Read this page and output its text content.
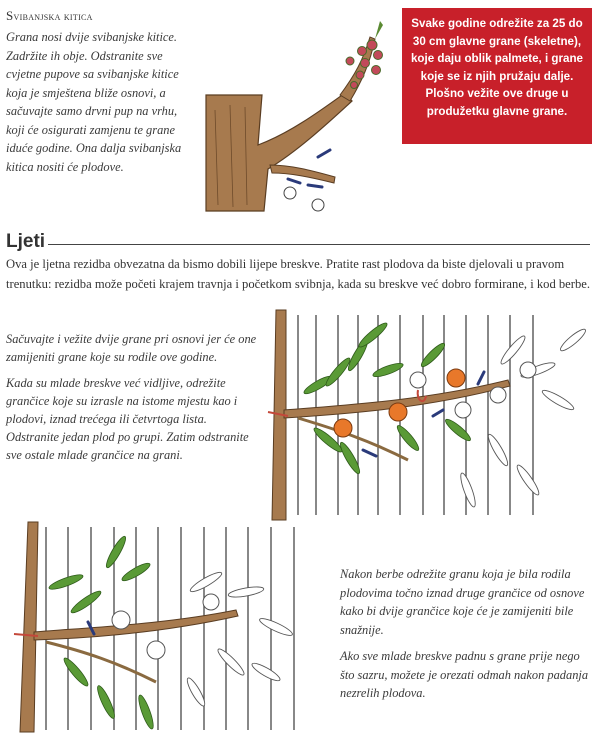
Svibanjska kitica
Grana nosi dvije svibanjske kitice. Zadržite ih obje. Odstranite sve cvjetne pupove sa svibanjske kitice koja je smještena bliže osnovi, a sačuvajte samo drvni pup na vrhu, koji će osigurati zamjenu te grane iduće godine. Ona dalja svibanjska kitica nositi će plodove.
Svake godine odrežite za 25 do 30 cm glavne grane (skeletne), koje daju oblik palmete, i grane koje se iz njih pružaju dalje. Plošno vežite ove druge u produžetku glavne grane.
Ljeti
Ova je ljetna rezidba obvezatna da bismo dobili lijepe breskve. Pratite rast plodova da biste djelovali u pravom trenutku: rezidba može početi krajem travnja i početkom svibnja, kada su breskve već dobro formirane, i kod berbe.

Sačuvajte i vežite dvije grane pri osnovi jer će one zamijeniti grane koje su rodile ove godine.

Kada su mlade breskve već vidljive, odrežite grančice koje su izrasle na istome mjestu kao i plodovi, iznad trećega ili četvrtoga lista. Odstranite jedan plod po grupi. Zatim odstranite sve ostale mlade grančice na grani.

Nakon berbe odrežite granu koja je bila rodila plodovima točno iznad druge grančice od osnove kako bi dvije grančice koje će je zamijeniti bile snažnije.

Ako sve mlade breskve padnu s grane prije nego što sazru, možete je orezati odmah nakon padanja nezrelih plodova.
